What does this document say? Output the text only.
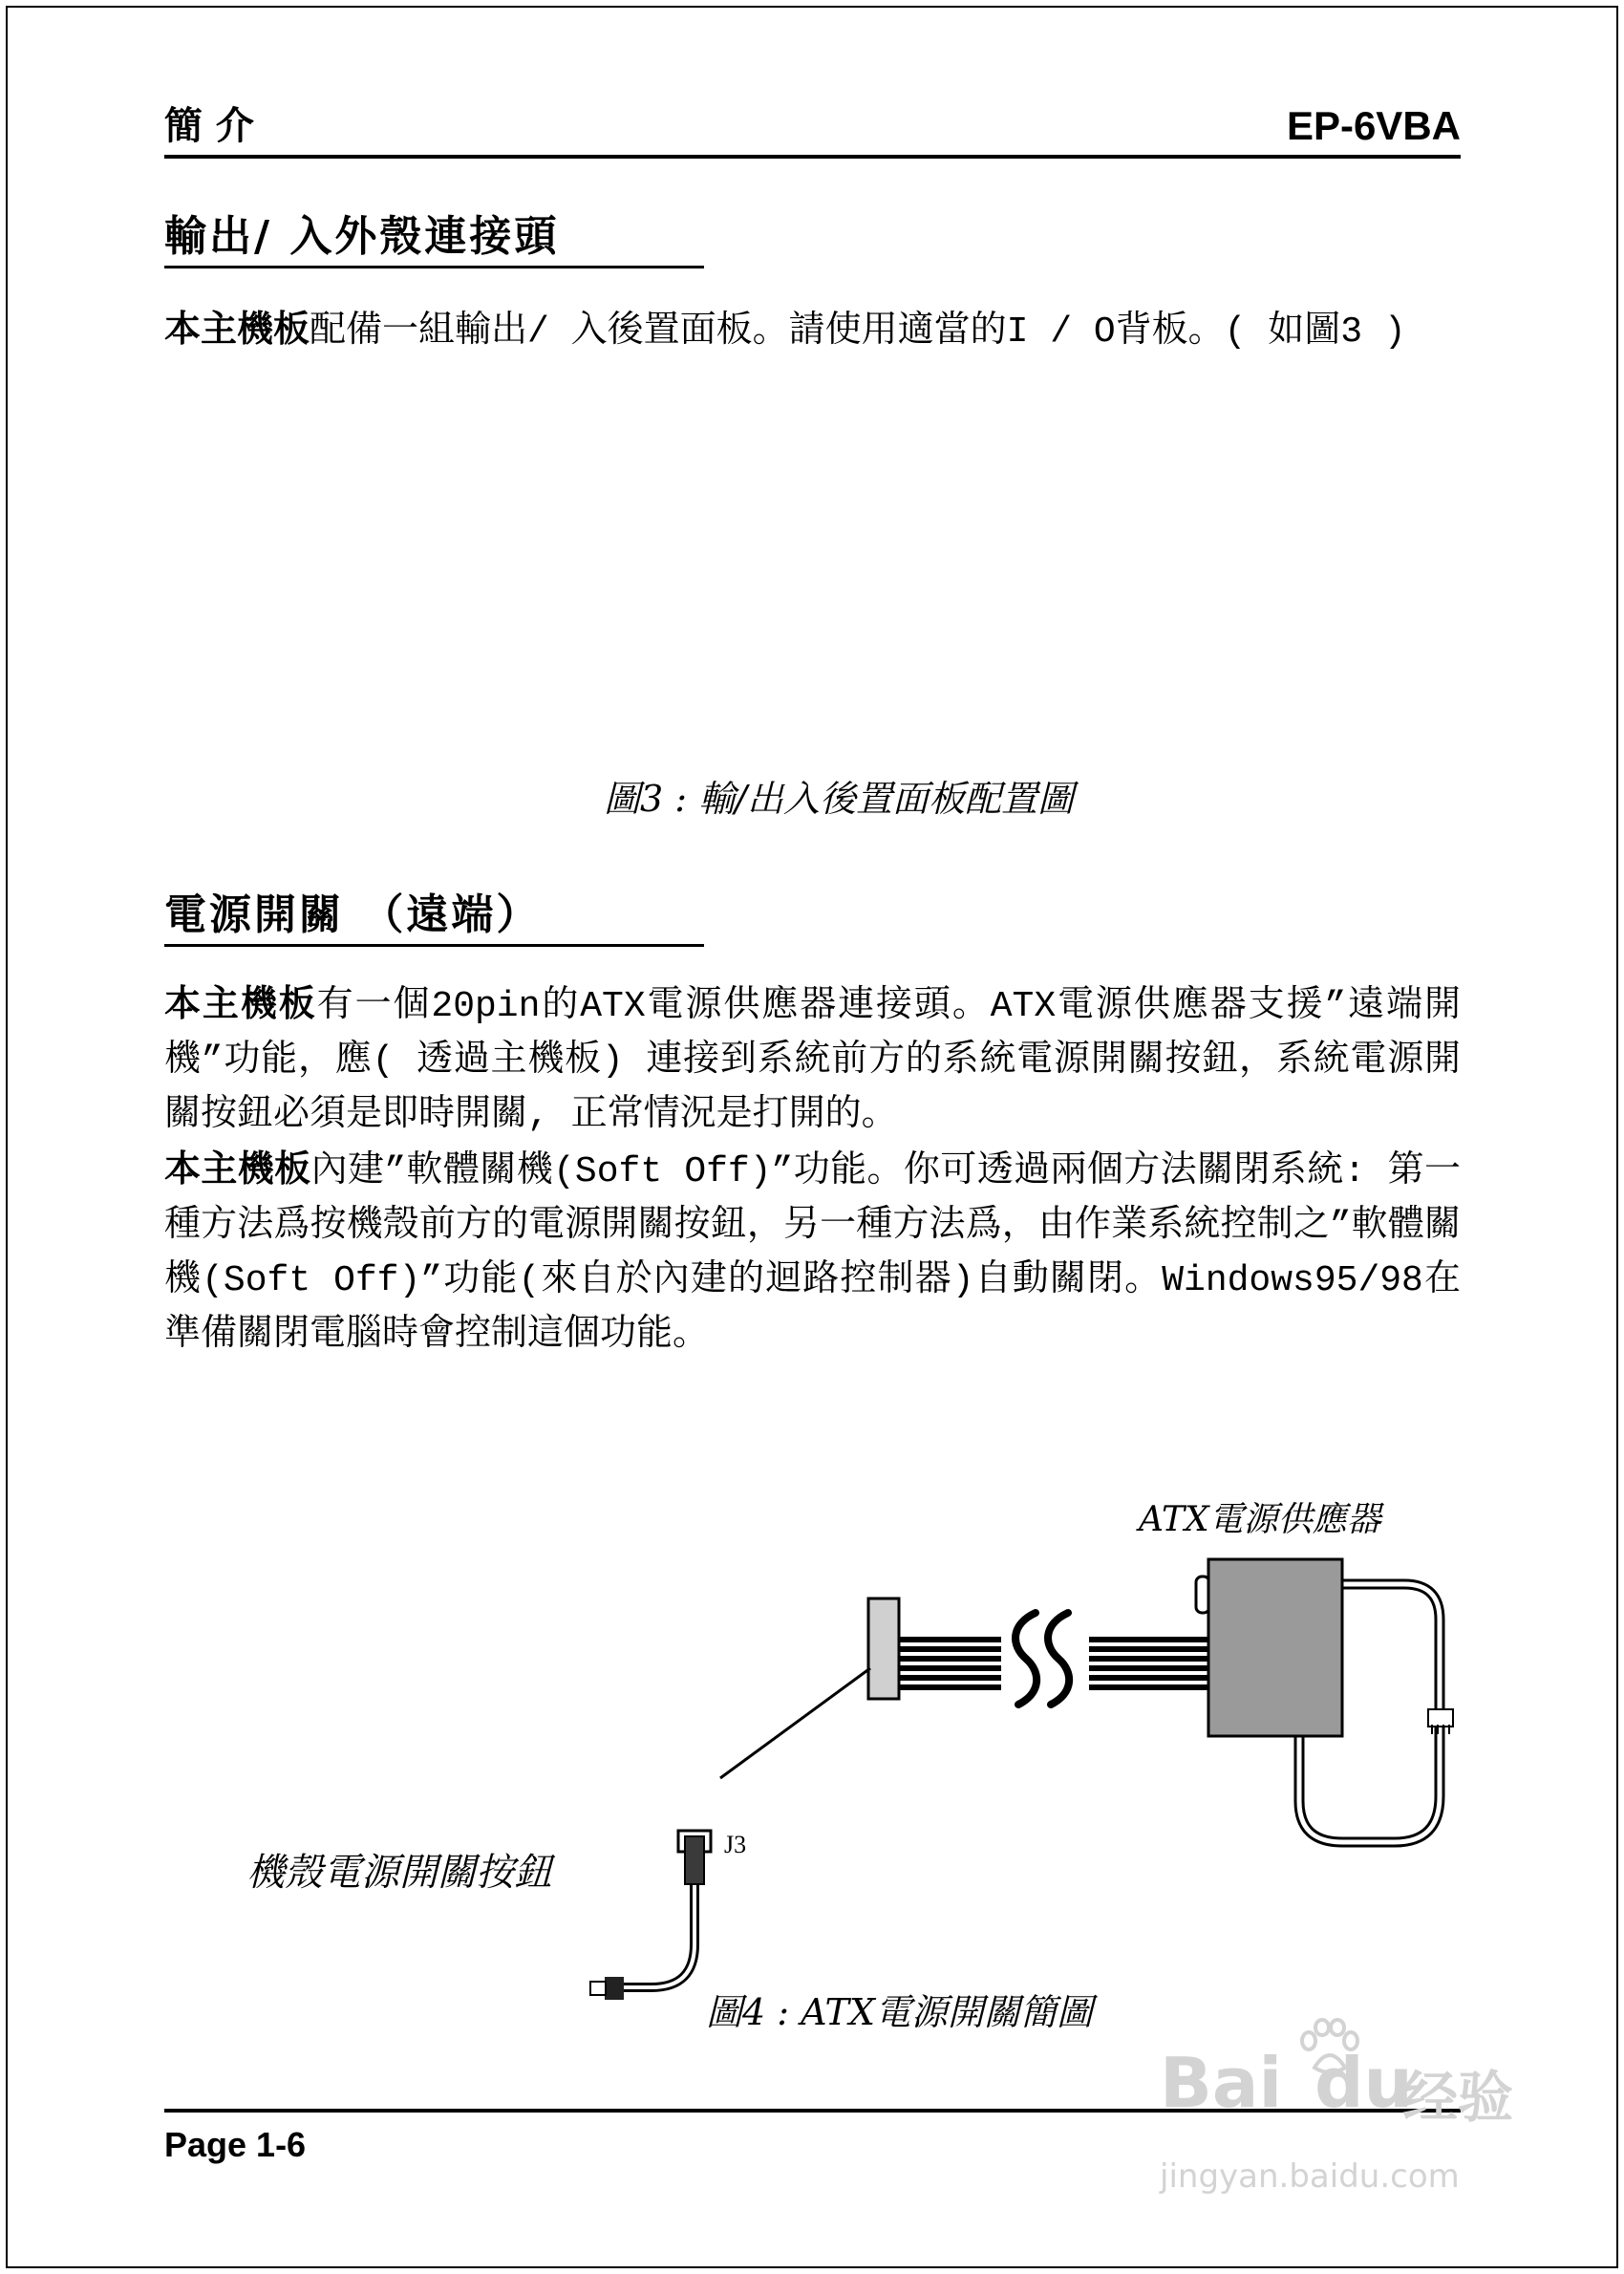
簡 介	EP-6VBA
輸出/ 入外殼連接頭

本主機板配備一組輸出/ 入後置面板。請使用適當的I / O背板。( 如圖3 )

圖3 : 輸/出入後置面板配置圖
電源開關 （遠端）

本主機板有一個20pin的ATX電源供應器連接頭。ATX電源供應器支援”遠端開機”功能，應( 透過主機板) 連接到系統前方的系統電源開關按鈕，系統電源開關按鈕必須是即時開關, 正常情況是打開的。

本主機板內建”軟體關機(Soft Off)”功能。你可透過兩個方法關閉系統: 第一種方法爲按機殼前方的電源開關按鈕，另一種方法爲，由作業系統控制之”軟體關機(Soft Off)”功能(來自於內建的迴路控制器)自動關閉。Windows95/98在準備關閉電腦時會控制這個功能。

ATX電源供應器
J3
機殼電源開關按鈕
圖4 : ATX電源開關簡圖
Page 1-6
Bai du
经验
jingyan.baidu.com
